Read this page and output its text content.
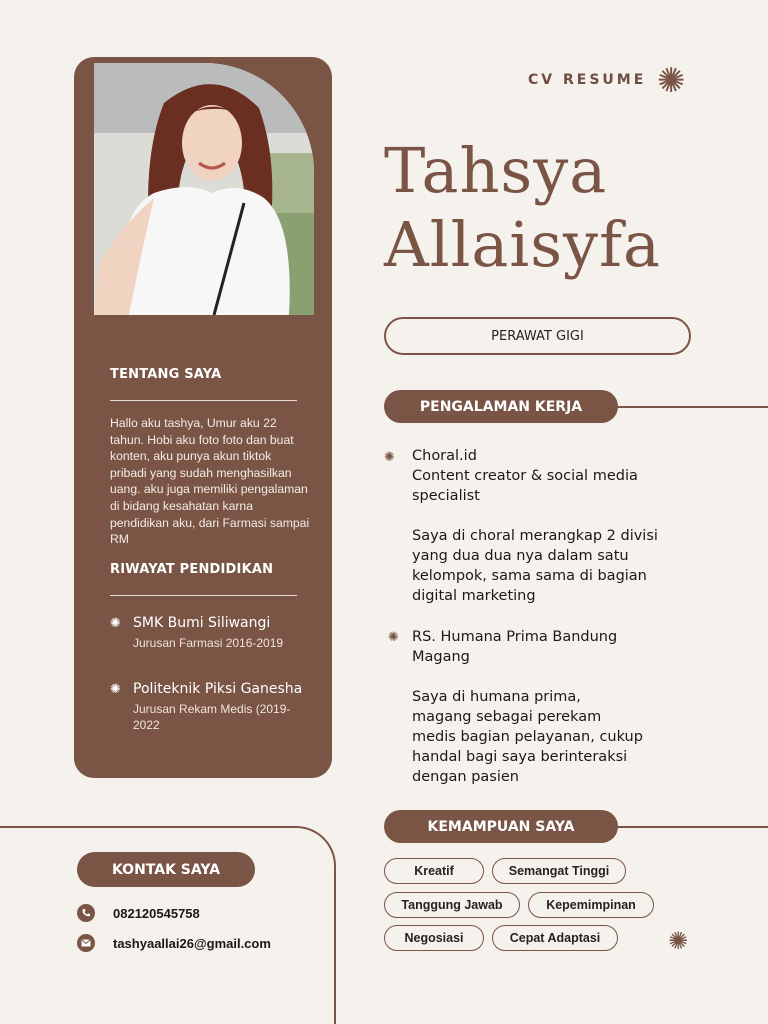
TENTANG SAYA
Hallo aku tashya, Umur aku 22 tahun. Hobi aku foto foto dan buat konten, aku punya akun tiktok pribadi yang sudah menghasilkan uang. aku juga memiliki pengalaman di bidang kesahatan karna pendidikan aku, dari Farmasi sampai RM
RIWAYAT PENDIDIKAN
✺ SMK Bumi Siliwangi
Jurusan Farmasi 2016-2019
✺ Politeknik Piksi Ganesha
Jurusan Rekam Medis (2019-2022
CV RESUME ✺
Tahsya
Allaisyfa
PERAWAT GIGI
PENGALAMAN KERJA
✺ Choral.id
Content creator & social media specialist
Saya di choral merangkap 2 divisi yang dua dua nya dalam satu kelompok, sama sama di bagian digital marketing
✺ RS. Humana Prima Bandung
Magang
Saya di humana prima, magang sebagai perekam medis bagian pelayanan, cukup handal bagi saya berinteraksi dengan pasien
KEMAMPUAN SAYA
Kreatif	Semangat Tinggi
Tanggung Jawab	Kepemimpinan
Negosiasi	Cepat Adaptasi	✺
KONTAK SAYA
082120545758
tashyaallai26@gmail.com
